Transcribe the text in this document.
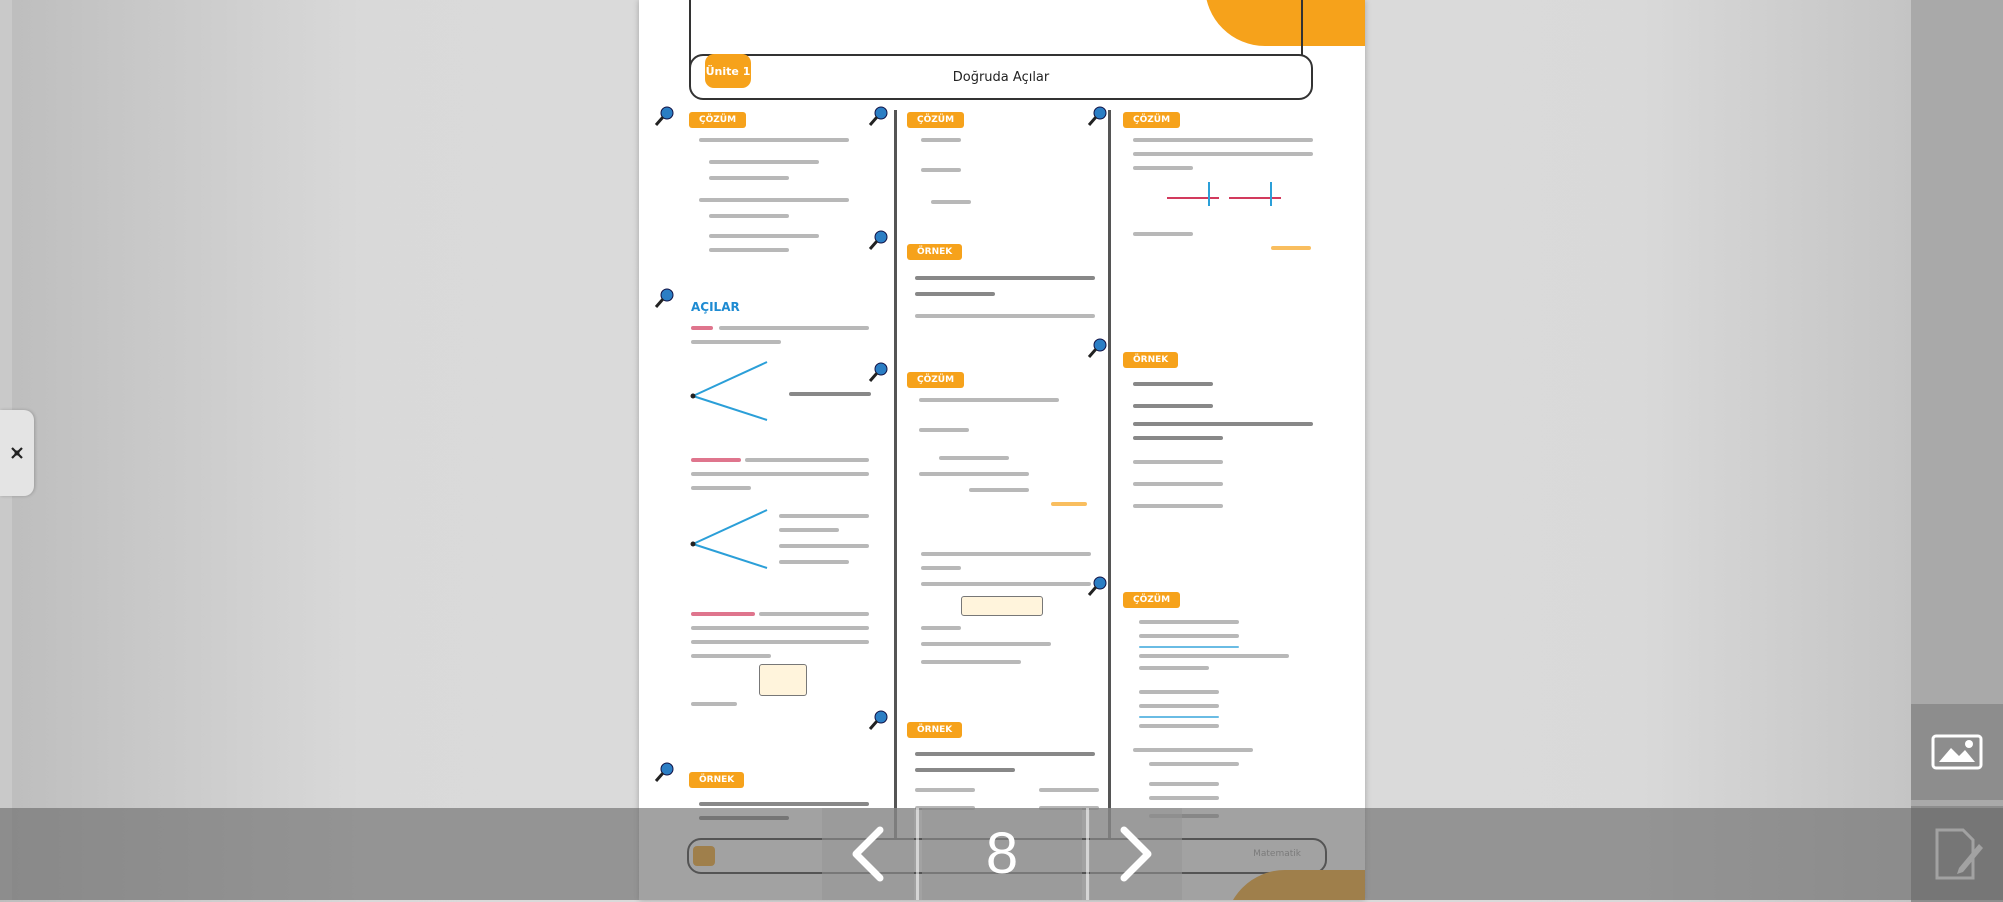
Ünite 1	Doğruda Açılar
ÇÖZÜM
AÇILAR
ÖRNEK
ÇÖZÜM
ÖRNEK
ÇÖZÜM
ÖRNEK
ÇÖZÜM
ÖRNEK
ÇÖZÜM
8
